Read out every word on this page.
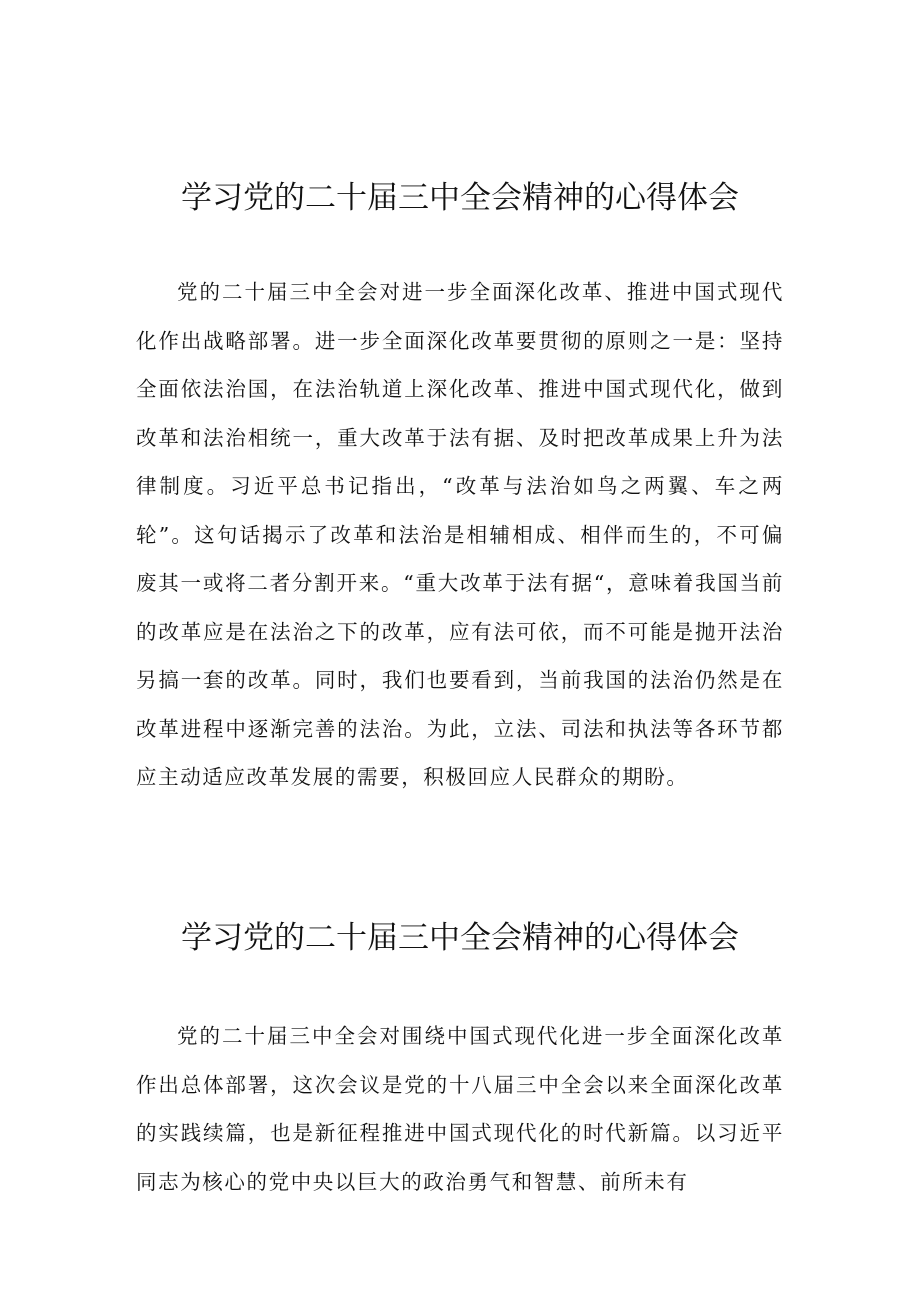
学习党的二十届三中全会精神的心得体会

党的二十届三中全会对进一步全面深化改革、推进中国式现代化作出战略部署。进一步全面深化改革要贯彻的原则之一是：坚持全面依法治国，在法治轨道上深化改革、推进中国式现代化，做到改革和法治相统一，重大改革于法有据、及时把改革成果上升为法律制度。习近平总书记指出，“改革与法治如鸟之两翼、车之两轮”。这句话揭示了改革和法治是相辅相成、相伴而生的，不可偏废其一或将二者分割开来。“重大改革于法有据“，意味着我国当前的改革应是在法治之下的改革，应有法可依，而不可能是抛开法治另搞一套的改革。同时，我们也要看到，当前我国的法治仍然是在改革进程中逐渐完善的法治。为此，立法、司法和执法等各环节都应主动适应改革发展的需要，积极回应人民群众的期盼。

学习党的二十届三中全会精神的心得体会

党的二十届三中全会对围绕中国式现代化进一步全面深化改革作出总体部署，这次会议是党的十八届三中全会以来全面深化改革的实践续篇，也是新征程推进中国式现代化的时代新篇。以习近平同志为核心的党中央以巨大的政治勇气和智慧、前所未有
